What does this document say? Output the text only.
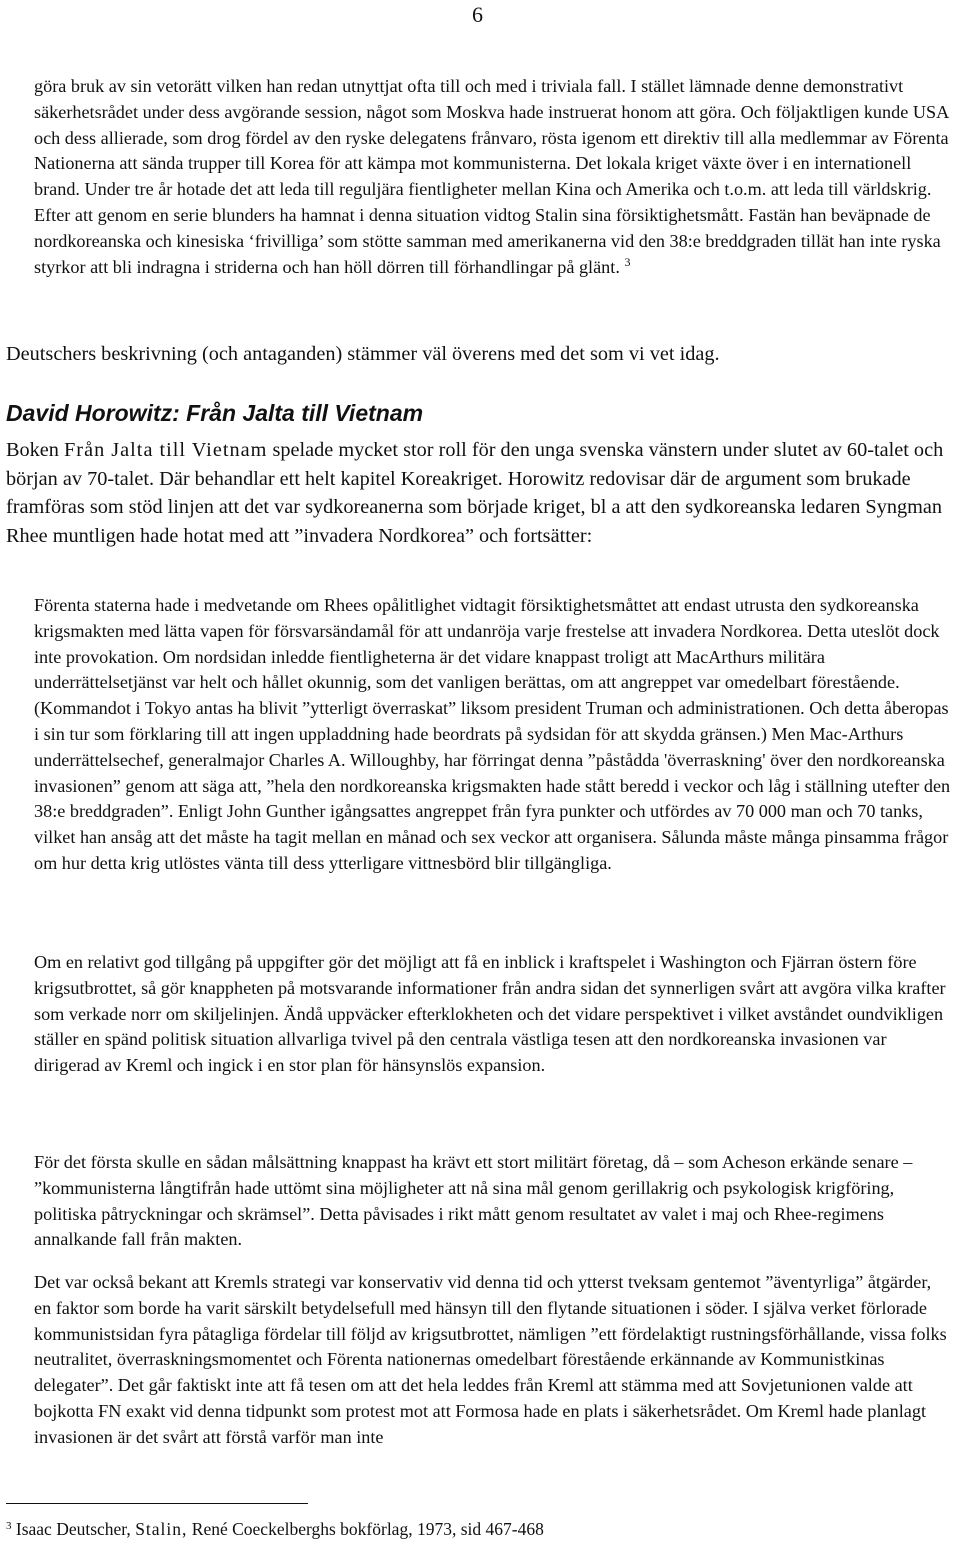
6

göra bruk av sin vetorätt vilken han redan utnyttjat ofta till och med i triviala fall. I stället lämnade denne demonstrativt säkerhetsrådet under dess avgörande session, något som Moskva hade instruerat honom att göra. Och följaktligen kunde USA och dess allierade, som drog fördel av den ryske delegatens frånvaro, rösta igenom ett direktiv till alla medlemmar av Förenta Nationerna att sända trupper till Korea för att kämpa mot kommunisterna. Det lokala kriget växte över i en internationell brand. Under tre år hotade det att leda till reguljära fientligheter mellan Kina och Amerika och t.o.m. att leda till världskrig. Efter att genom en serie blunders ha hamnat i denna situation vidtog Stalin sina försiktighetsmått. Fastän han beväpnade de nordkoreanska och kinesiska ‘frivilliga’ som stötte samman med amerikanerna vid den 38:e breddgraden tillät han inte ryska styrkor att bli indragna i striderna och han höll dörren till förhandlingar på glänt. $^3$

Deutschers beskrivning (och antaganden) stämmer väl överens med det som vi vet idag.

David Horowitz: Från Jalta till Vietnam

Boken Från Jalta till Vietnam spelade mycket stor roll för den unga svenska vänstern under slutet av 60-talet och början av 70-talet. Där behandlar ett helt kapitel Koreakriget. Horowitz redovisar där de argument som brukade framföras som stöd linjen att det var sydkoreanerna som började kriget, bl a att den sydkoreanska ledaren Syngman Rhee muntligen hade hotat med att ”invadera Nordkorea” och fortsätter:

Förenta staterna hade i medvetande om Rhees opålitlighet vidtagit försiktighetsmåttet att endast utrusta den sydkoreanska krigsmakten med lätta vapen för försvarsändamål för att undanröja varje frestelse att invadera Nordkorea. Detta uteslöt dock inte provokation. Om nordsidan inledde fientligheterna är det vidare knappast troligt att MacArthurs militära underrättelsetjänst var helt och hållet okunnig, som det vanligen berättas, om att angreppet var omedelbart förestående. (Kommandot i Tokyo antas ha blivit ”ytterligt överraskat” liksom president Truman och administrationen. Och detta åberopas i sin tur som förklaring till att ingen uppladdning hade beordrats på sydsidan för att skydda gränsen.) Men Mac-Arthurs underrättelsechef, generalmajor Charles A. Willoughby, har förringat denna ”påstådda 'överraskning' över den nordkoreanska invasionen” genom att säga att, ”hela den nordkoreanska krigsmakten hade stått beredd i veckor och låg i ställning utefter den 38:e breddgraden”. Enligt John Gunther igångsattes angreppet från fyra punkter och utfördes av 70 000 man och 70 tanks, vilket han ansåg att det måste ha tagit mellan en månad och sex veckor att organisera. Sålunda måste många pinsamma frågor om hur detta krig utlöstes vänta till dess ytterligare vittnesbörd blir tillgängliga.

Om en relativt god tillgång på uppgifter gör det möjligt att få en inblick i kraftspelet i Washington och Fjärran östern före krigsutbrottet, så gör knappheten på motsvarande informationer från andra sidan det synnerligen svårt att avgöra vilka krafter som verkade norr om skiljelinjen. Ändå uppväcker efterklokheten och det vidare perspektivet i vilket avståndet oundvikligen ställer en spänd politisk situation allvarliga tvivel på den centrala västliga tesen att den nordkoreanska invasionen var dirigerad av Kreml och ingick i en stor plan för hänsynslös expansion.

För det första skulle en sådan målsättning knappast ha krävt ett stort militärt företag, då – som Acheson erkände senare – ”kommunisterna långtifrån hade uttömt sina möjligheter att nå sina mål genom gerillakrig och psykologisk krigföring, politiska påtryckningar och skrämsel”. Detta påvisades i rikt mått genom resultatet av valet i maj och Rhee-regimens annalkande fall från makten.

Det var också bekant att Kremls strategi var konservativ vid denna tid och ytterst tveksam gentemot ”äventyrliga” åtgärder, en faktor som borde ha varit särskilt betydelsefull med hänsyn till den flytande situationen i söder. I själva verket förlorade kommunistsidan fyra påtagliga fördelar till följd av krigsutbrottet, nämligen ”ett fördelaktigt rustningsförhållande, vissa folks neutralitet, överraskningsmomentet och Förenta nationernas omedelbart förestående erkännande av Kommunistkinas delegater”. Det går faktiskt inte att få tesen om att det hela leddes från Kreml att stämma med att Sovjetunionen valde att bojkotta FN exakt vid denna tidpunkt som protest mot att Formosa hade en plats i säkerhetsrådet. Om Kreml hade planlagt invasionen är det svårt att förstå varför man inte

$^3$ Isaac Deutscher, Stalin, René Coeckelberghs bokförlag, 1973, sid 467-468
